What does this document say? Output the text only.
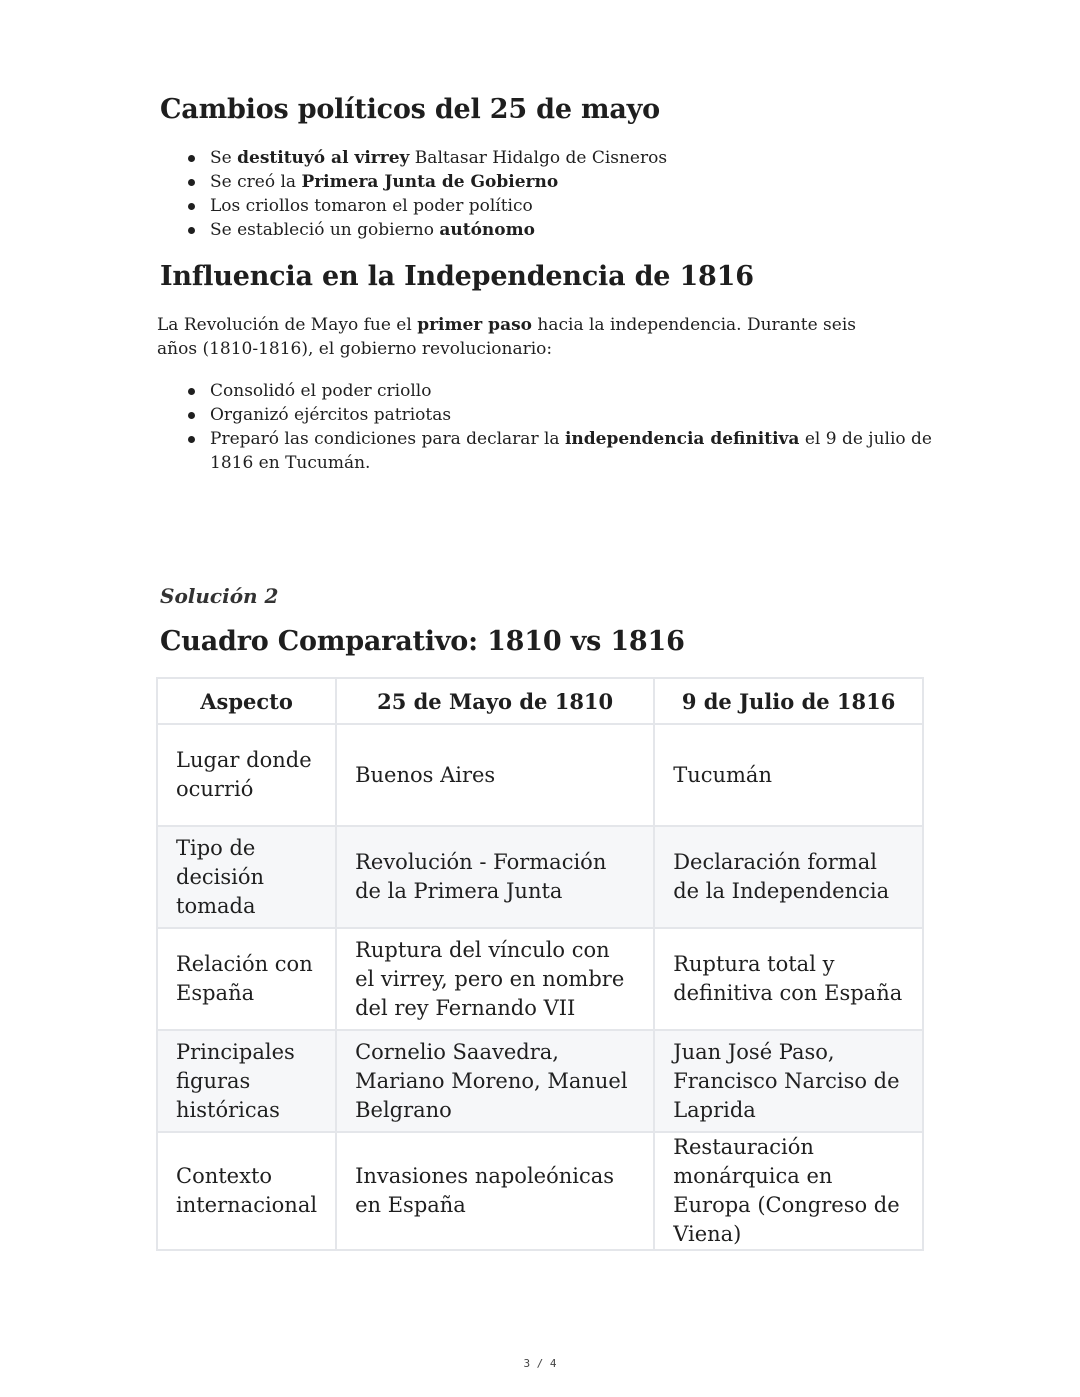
Cambios políticos del 25 de mayo
Se destituyó al virrey Baltasar Hidalgo de Cisneros
Se creó la Primera Junta de Gobierno
Los criollos tomaron el poder político
Se estableció un gobierno autónomo
Influencia en la Independencia de 1816

La Revolución de Mayo fue el primer paso hacia la independencia. Durante seis años (1810-1816), el gobierno revolucionario:

Consolidó el poder criollo
Organizó ejércitos patriotas
Preparó las condiciones para declarar la independencia definitiva el 9 de julio de 1816 en Tucumán.
Solución 2
Cuadro Comparativo: 1810 vs 1816
Aspecto	25 de Mayo de 1810	9 de Julio de 1816
Lugar donde ocurrió	Buenos Aires	Tucumán
Tipo de decisión tomada	Revolución - Formación de la Primera Junta	Declaración formal de la Independencia
Relación con España	Ruptura del vínculo con el virrey, pero en nombre del rey Fernando VII	Ruptura total y definitiva con España
Principales figuras históricas	Cornelio Saavedra, Mariano Moreno, Manuel Belgrano	Juan José Paso, Francisco Narciso de Laprida
Contexto internacional	Invasiones napoleónicas en España	Restauración monárquica en Europa (Congreso de Viena)
3 / 4
